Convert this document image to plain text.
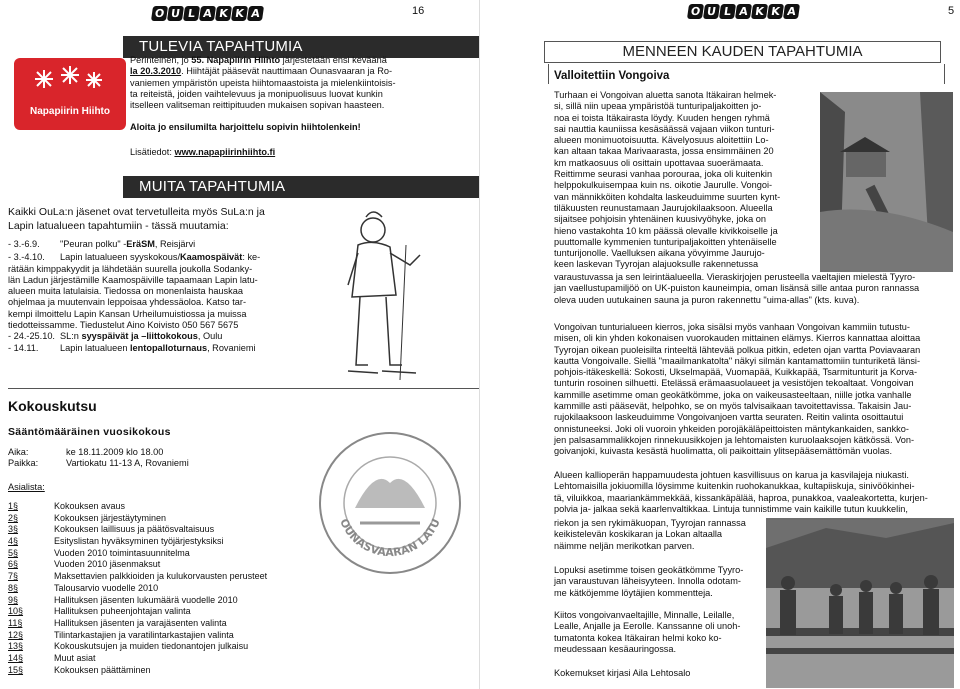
O U L A K K A	16
TULEVIA TAPAHTUMIA
Napapiirin Hiihto

Perinteinen, jo 55. Napapiirin Hiihto järjestetään ensi keväänä

la 20.3.2010. Hiihtäjät pääsevät nauttimaan Ounasvaaran ja Ro-

vaniemen ympäristön upeista hiihtomaastoista ja mielenkiintoisis-

ta reiteistä, joiden vaihtelevuus ja monipuolisuus luovat kunkin

itselleen valitseman reittipituuden mukaisen sopivan haasteen.

Aloita jo ensilumilta harjoittelu sopivin hiihtolenkein!

Lisätiedot: www.napapiirinhiihto.fi

MUITA TAPAHTUMIA

Kaikki OuLa:n jäsenet ovat tervetulleita myös SuLa:n ja

Lapin latualueen tapahtumiin - tässä muutamia:

- 3.-6.9. "Peuran polku" -EräSM, Reisjärvi

- 3.-4.10. Lapin latualueen syyskokous/Kaamospäivät: ke-

rätään kimppakyydit ja lähdetään suurella joukolla Sodanky-

län Ladun järjestämille Kaamospäiville tapaamaan Lapin latu-

alueen muita latulaisia. Tiedossa on monenlaista hauskaa

ohjelmaa ja muutenvain leppoisaa yhdessäoloa. Katso tar-

kempi ilmoittelu Lapin Kansan Urheilumuistiossa ja muissa

tiedotteissamme. Tiedustelut Aino Koivisto 050 567 5675

- 24.-25.10. SL:n syyspäivät ja –liittokokous, Oulu

- 14.11. Lapin latualueen lentopalloturnaus, Rovaniemi

Kokouskutsu
Sääntömääräinen vuosikokous

Aika:	ke 18.11.2009 klo 18.00

Paikka:	Vartiokatu 11-13 A, Rovaniemi

Asialista:

1§	Kokouksen avaus
2§	Kokouksen järjestäytyminen
3§	Kokouksen laillisuus ja päätösvaltaisuus
4§	Esityslistan hyväksyminen työjärjestyksiksi
5§	Vuoden 2010 toimintasuunnitelma
6§	Vuoden 2010 jäsenmaksut
7§	Maksettavien palkkioiden ja kulukorvausten perusteet
8§	Talousarvio vuodelle 2010
9§	Hallituksen jäsenten lukumäärä vuodelle 2010
10§	Hallituksen puheenjohtajan valinta
11§	Hallituksen jäsenten ja varajäsenten valinta
12§	Tilintarkastajien ja varatilintarkastajien valinta
13§	Kokouskutsujen ja muiden tiedonantojen julkaisu
14§	Muut asiat
15§	Kokouksen päättäminen
OUNASVAARAN LATU
O U L A K K A	5
MENNEEN KAUDEN TAPAHTUMIA
Valloitettiin Vongoiva

Turhaan ei Vongoivan aluetta sanota Itäkairan helmek-

si, sillä niin upeaa ympäristöä tunturipaljakoitten jo-

noa ei toista Itäkairasta löydy. Kuuden hengen ryhmä

sai nauttia kauniissa kesäsäässä vajaan viikon tunturi-

alueen monimuotoisuutta. Kävelyosuus aloitettiin Lo-

kan altaan takaa Marivaarasta, jossa ensimmäinen 20

km matkaosuus oli osittain upottavaa suoerämaata.

Reittimme seurasi vanhaa porouraa, joka oli kuitenkin

helppokulkuisempaa kuin ns. oikotie Jaurulle. Vongoi-

van männikköiten kohdalta laskeuduimme suurten kynt-

tiläkuusten reunustamaan Jaurujokilaaksoon. Alueella

sijaitsee pohjoisin yhtenäinen kuusivyöhyke, joka on

hieno vastakohta 10 km päässä olevalle kivikkoiselle ja

puuttomalle kymmenien tunturipaljakoitten yhtenäiselle

tunturijonolle. Vaelluksen aikana yövyimme Jaurujo-

keen laskevan Tyyrojan alajuoksulle rakennetussa

varaustuvassa ja sen leirintäalueella. Vieraskirjojen perusteella vaeltajien mielestä Tyyro-

jan vaellustupamiljöö on UK-puiston kauneimpia, oman lisänsä sille antaa puron rannassa

oleva uuden uutukainen sauna ja puron rakennettu "uima-allas" (kts. kuva).

Vongoivan tunturialueen kierros, joka sisälsi myös vanhaan Vongoivan kammiin tutustu-

misen, oli kin yhden kokonaisen vuorokauden mittainen elämys. Kierros kannattaa aloittaa

Tyyrojan oikean puoleisilta rinteeltä lähtevää polkua pitkin, edeten ojan vartta Poviavaaran

kautta Vongoivalle. Siellä "maailmankatolta" näkyi silmän kantamattomiin tunturiketä länsi-

pohjois-itäkeskellä: Sokosti, Ukselmapää, Vuomapää, Kuikkapää, Tsarmitunturit ja Korva-

tunturin rosoinen silhuetti. Etelässä erämaasuolaueet ja vesistöjen tekoaltaat. Vongoivan

kammille asetimme oman geokätkömme, joka on vaikeusasteeltaan, niille jotka vanhalle

kammille asti pääsevät, helpohko, se on myös talvisaikaan tavoitettavissa. Takaisin Jau-

rujokilaaksoon laskeuduimme Vongoivanjoen vartta seuraten. Reitin valinta osoittautui

onnistuneeksi. Joki oli vuoroin yhkeiden porojäkäläpeittoisten mäntykankaiden, sankko-

jen palsasammalikkojen rinnekuusikkojen ja lehtomaisten kuruolaaksojen kätkössä. Von-

goivanjoki, kuivasta kesästä huolimatta, oli paikoittain ylitsepääsemättömän vuolas.

Alueen kallioperän happamuudesta johtuen kasvillisuus on karua ja kasvilajeja niukasti.

Lehtomaisilla jokiuomilla löysimme kuitenkin ruohokanukkaa, kultapiiskuja, sinivöökinhei-

tä, viluikkoa, maariankämmekkää, kissankäpälää, haproa, punakkoa, vaaleakortetta, kurjen-

polvia ja- jalkaa sekä kaarlenvaltikkaa. Lintuja tunnistimme vain kaikille tutun kuukkelin,

riekon ja sen rykimäkuopan, Tyyrojan rannassa

keikistelevän koskikaran ja Lokan altaalla

näimme neljän merikotkan parven.

Lopuksi asetimme toisen geokätkömme Tyyro-

jan varaustuvan läheisyyteen. Innolla odotam-

me kätköjemme löytäjien kommentteja.

Kiitos vongoivanvaeltajille, Minnalle, Leilalle,

Lealle, Anjalle ja Eerolle. Kanssanne oli unoh-

tumatonta kokea Itäkairan helmi koko ko-

meudessaan kesäauringossa.

Kokemukset kirjasi Aila Lehtosalo
